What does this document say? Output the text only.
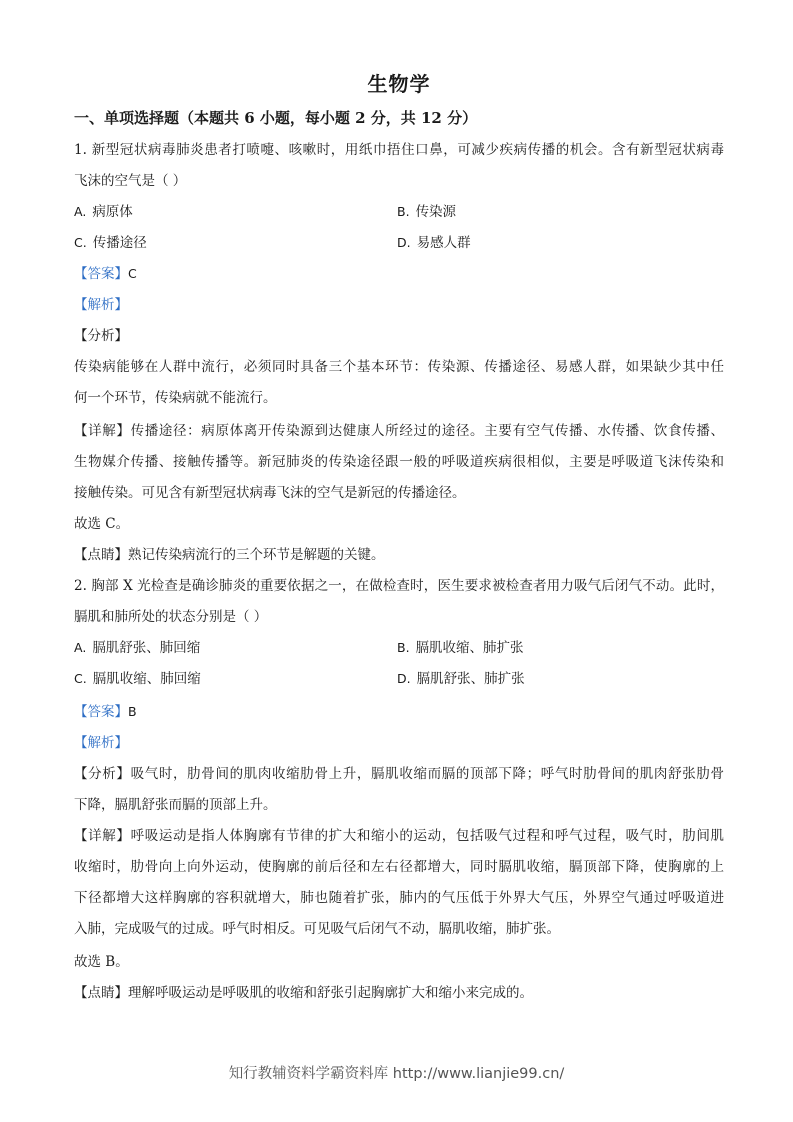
生物学
一、单项选择题（本题共 6 小题，每小题 2 分，共 12 分）
1. 新型冠状病毒肺炎患者打喷嚏、咳嗽时，用纸巾捂住口鼻，可减少疾病传播的机会。含有新型冠状病毒
飞沫的空气是（ ）
A. 病原体	B. 传染源
C. 传播途径	D. 易感人群
【答案】C
【解析】
【分析】
传染病能够在人群中流行，必须同时具备三个基本环节：传染源、传播途径、易感人群，如果缺少其中任
何一个环节，传染病就不能流行。
【详解】传播途径：病原体离开传染源到达健康人所经过的途径。主要有空气传播、水传播、饮食传播、
生物媒介传播、接触传播等。新冠肺炎的传染途径跟一般的呼吸道疾病很相似，主要是呼吸道飞沫传染和
接触传染。可见含有新型冠状病毒飞沫的空气是新冠的传播途径。
故选 C。
【点睛】熟记传染病流行的三个环节是解题的关键。
2. 胸部 X 光检查是确诊肺炎的重要依据之一，在做检查时，医生要求被检查者用力吸气后闭气不动。此时，
膈肌和肺所处的状态分别是（ ）
A. 膈肌舒张、肺回缩	B. 膈肌收缩、肺扩张
C. 膈肌收缩、肺回缩	D. 膈肌舒张、肺扩张
【答案】B
【解析】
【分析】吸气时，肋骨间的肌肉收缩肋骨上升，膈肌收缩而膈的顶部下降；呼气时肋骨间的肌肉舒张肋骨
下降，膈肌舒张而膈的顶部上升。
【详解】呼吸运动是指人体胸廓有节律的扩大和缩小的运动，包括吸气过程和呼气过程，吸气时，肋间肌
收缩时，肋骨向上向外运动，使胸廓的前后径和左右径都增大，同时膈肌收缩，膈顶部下降，使胸廓的上
下径都增大这样胸廓的容积就增大，肺也随着扩张，肺内的气压低于外界大气压，外界空气通过呼吸道进
入肺，完成吸气的过成。呼气时相反。可见吸气后闭气不动，膈肌收缩，肺扩张。
故选 B。
【点睛】理解呼吸运动是呼吸肌的收缩和舒张引起胸廓扩大和缩小来完成的。
知行教辅资料学霸资料库 http://www.lianjie99.cn/
